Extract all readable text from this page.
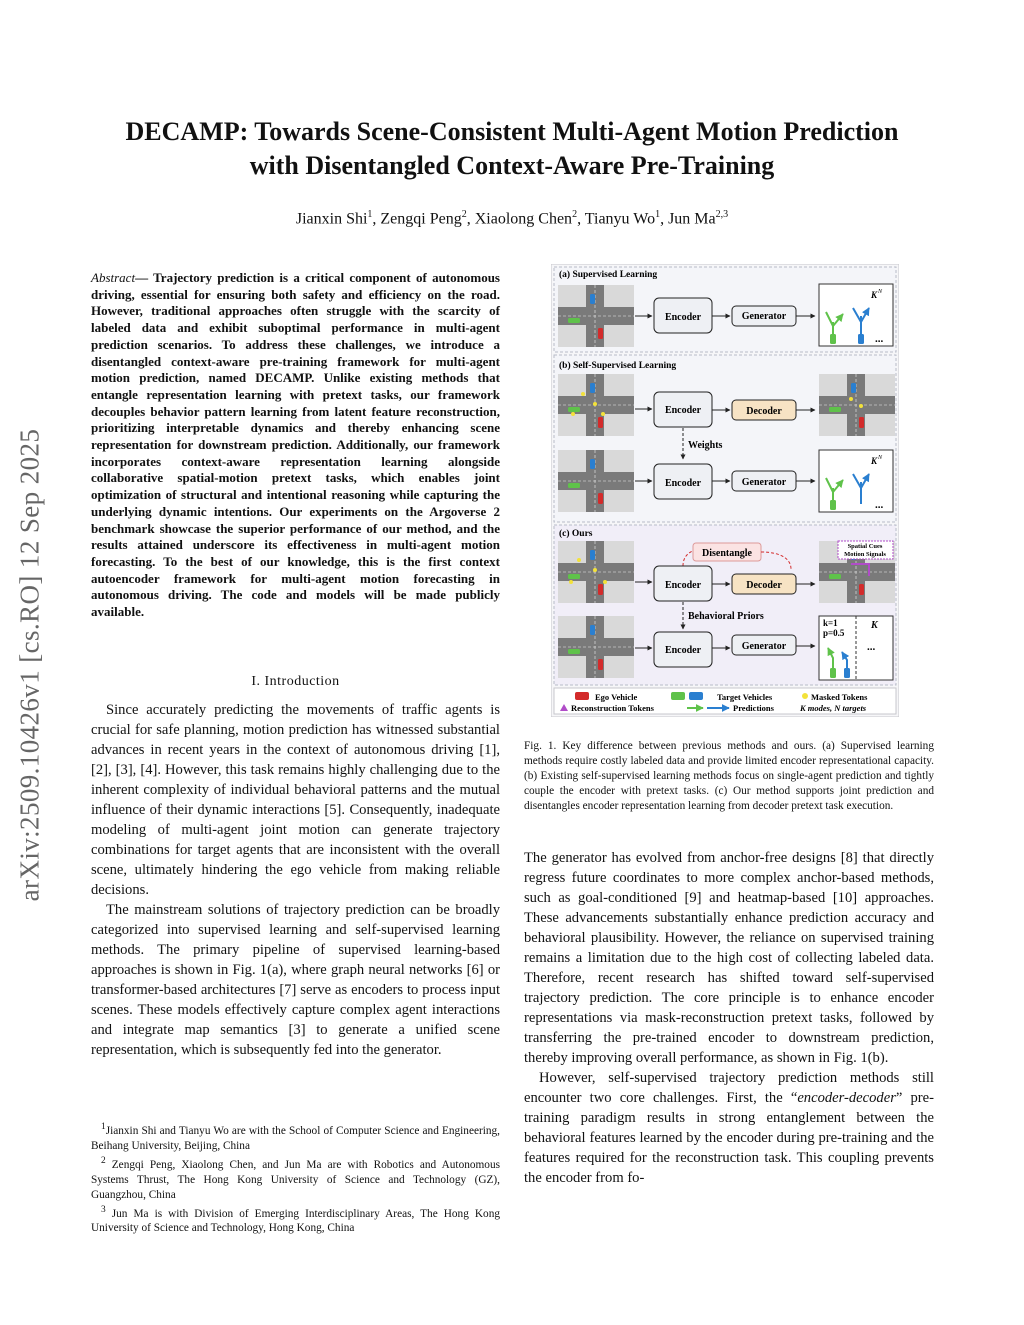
arXiv:2509.10426v1 [cs.RO] 12 Sep 2025
DECAMP: Towards Scene-Consistent Multi-Agent Motion Prediction
with Disentangled Context-Aware Pre-Training
Jianxin Shi$^1$, Zengqi Peng$^2$, Xiaolong Chen$^2$, Tianyu Wo$^1$, Jun Ma$^{2,3}$
Abstract— Trajectory prediction is a critical component of autonomous driving, essential for ensuring both safety and efficiency on the road. However, traditional approaches often struggle with the scarcity of labeled data and exhibit suboptimal performance in multi-agent prediction scenarios. To address these challenges, we introduce a disentangled context-aware pre-training framework for multi-agent motion prediction, named DECAMP. Unlike existing methods that entangle representation learning with pretext tasks, our framework decouples behavior pattern learning from latent feature reconstruction, prioritizing interpretable dynamics and thereby enhancing scene representation for downstream prediction. Additionally, our framework incorporates context-aware representation learning alongside collaborative spatial-motion pretext tasks, which enables joint optimization of structural and intentional reasoning while capturing the underlying dynamic intentions. Our experiments on the Argoverse 2 benchmark showcase the superior performance of our method, and the results attained underscore its effectiveness in multi-agent motion forecasting. To the best of our knowledge, this is the first context autoencoder framework for multi-agent motion forecasting in autonomous driving. The code and models will be made publicly available.
I. Introduction

Since accurately predicting the movements of traffic agents is crucial for safe planning, motion prediction has witnessed substantial advances in recent years in the context of autonomous driving [1], [2], [3], [4]. However, this task remains highly challenging due to the inherent complexity of individual behavioral patterns and the mutual influence of their dynamic interactions [5]. Consequently, inadequate modeling of multi-agent joint motion can generate trajectory combinations for target agents that are inconsistent with the overall scene, ultimately hindering the ego vehicle from making reliable decisions.

The mainstream solutions of trajectory prediction can be broadly categorized into supervised learning and self-supervised learning methods. The primary pipeline of supervised learning-based approaches is shown in Fig. 1(a), where graph neural networks [6] or transformer-based architectures [7] serve as encoders to process input scenes. These models effectively capture complex agent interactions and integrate map semantics [3] to generate a unified scene representation, which is subsequently fed into the generator.

$^1$Jianxin Shi and Tianyu Wo are with the School of Computer Science and Engineering, Beihang University, Beijing, China

$^2$ Zengqi Peng, Xiaolong Chen, and Jun Ma are with Robotics and Autonomous Systems Thrust, The Hong Kong University of Science and Technology (GZ), Guangzhou, China

$^3$ Jun Ma is with Division of Emerging Interdisciplinary Areas, The Hong Kong University of Science and Technology, Hong Kong, China

(a) Supervised Learning
Encoder	Generator
K N
...
(b) Self-Supervised Learning
Encoder	Decoder
Weights
Encoder	Generator
K N
...
(c) Ours
Disentangle
Encoder	Decoder
Spatial Cues
Motion Signals
Behavioral Priors
Encoder	Generator
k=1
p=0.5
K
...
Ego Vehicle	Target Vehicles	Masked Tokens
Reconstruction Tokens	Predictions	K modes, N targets
Fig. 1. Key difference between previous methods and ours. (a) Supervised learning methods require costly labeled data and provide limited encoder representational capacity. (b) Existing self-supervised learning methods focus on single-agent prediction and tightly couple the encoder with pretext tasks. (c) Our method supports joint prediction and disentangles encoder representation learning from decoder pretext task execution.

The generator has evolved from anchor-free designs [8] that directly regress future coordinates to more complex anchor-based methods, such as goal-conditioned [9] and heatmap-based [10] approaches. These advancements substantially enhance prediction accuracy and behavioral plausibility. However, the reliance on supervised training remains a limitation due to the high cost of collecting labeled data. Therefore, recent research has shifted toward self-supervised trajectory prediction. The core principle is to enhance encoder representations via mask-reconstruction pretext tasks, followed by transferring the pre-trained encoder to downstream prediction, thereby improving overall performance, as shown in Fig. 1(b).

However, self-supervised trajectory prediction methods still encounter two core challenges. First, the “encoder-decoder” pre-training paradigm results in strong entanglement between the behavioral features learned by the encoder during pre-training and the features required for the reconstruction task. This coupling prevents the encoder from fo-
